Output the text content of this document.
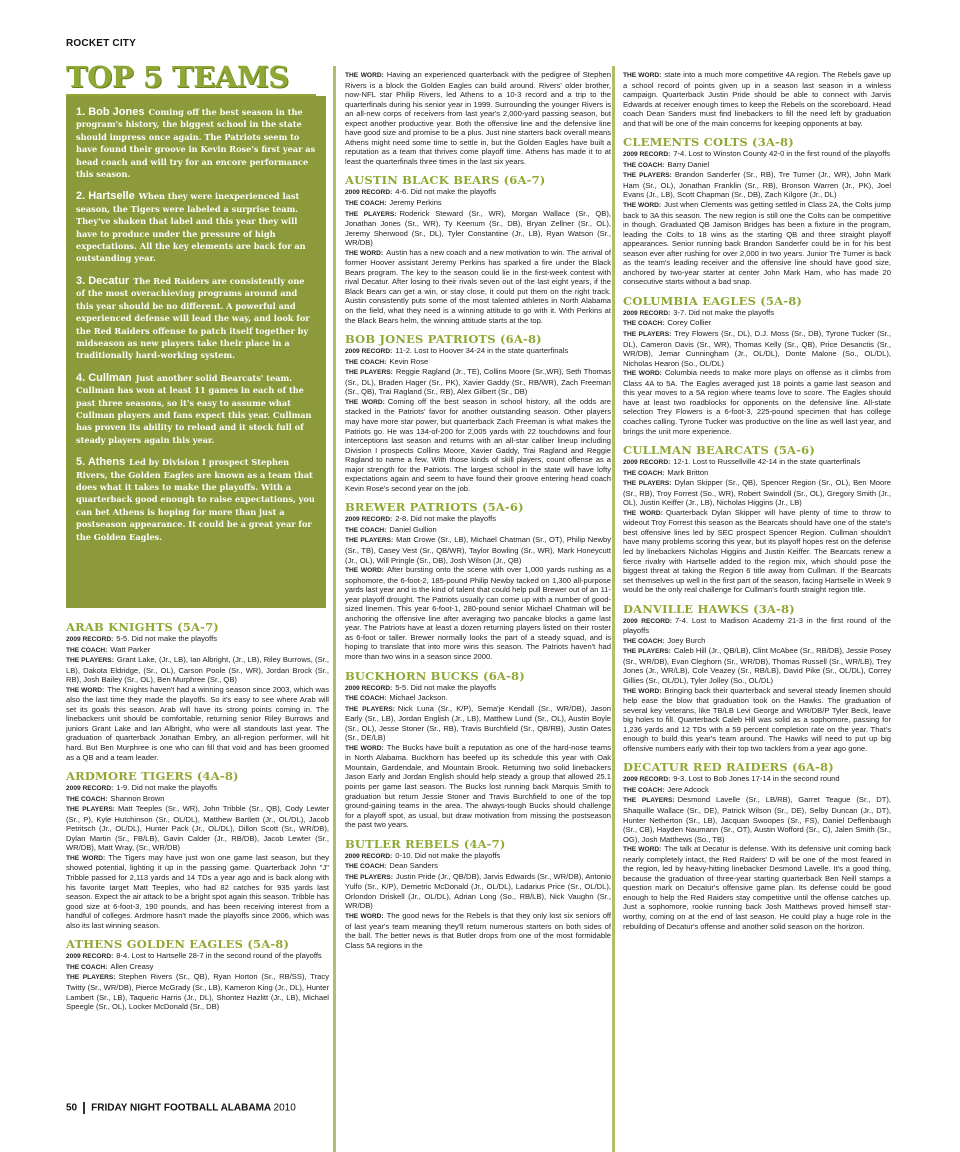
ROCKET CITY
TOP 5 TEAMS

1. Bob Jones Coming off the best season in the program's history, the biggest school in the state should impress once again. The Patriots seem to have found their groove in Kevin Rose's first year as head coach and will try for an encore performance this season.

2. Hartselle When they were inexperienced last season, the Tigers were labeled a surprise team. They've shaken that label and this year they will have to produce under the pressure of high expectations. All the key elements are back for an outstanding year.

3. Decatur The Red Raiders are consistently one of the most overachieving programs around and this year should be no different. A powerful and experienced defense will lead the way, and look for the Red Raiders offense to patch itself together by midseason as new players take their place in a traditionally hard-working system.

4. Cullman Just another solid Bearcats' team. Cullman has won at least 11 games in each of the past three seasons, so it's easy to assume what Cullman players and fans expect this year. Cullman has proven its ability to reload and it stock full of steady players again this year.

5. Athens Led by Division I prospect Stephen Rivers, the Golden Eagles are known as a team that does what it takes to make the playoffs. With a quarterback good enough to raise expectations, you can bet Athens is hoping for more than just a postseason appearance. It could be a great year for the Golden Eagles.

ARAB KNIGHTS (5A-7)

2009 RECORD: 5-5. Did not make the playoffs

THE COACH: Watt Parker

THE PLAYERS: Grant Lake, (Jr., LB), Ian Albright, (Jr., LB), Riley Burrows, (Sr., LB), Dakota Eldridge, (Sr., OL), Carson Poole (Sr., WR), Jordan Brock (Sr., RB), Josh Bailey (Sr., OL), Ben Murphree (Sr., QB)

THE WORD: The Knights haven't had a winning season since 2003, which was also the last time they made the playoffs. So it's easy to see where Arab will set its goals this season. Arab will have its strong points coming in. The linebackers unit should be comfortable, returning senior Riley Burrows and juniors Grant Lake and Ian Albright, who were all standouts last year. The graduation of quarterback Jonathan Embry, an all-region performer, will hit hard. But Ben Murphree is one who can fill that void and has been groomed as a QB and a team leader.

ARDMORE TIGERS (4A-8)

2009 RECORD: 1-9. Did not make the playoffs

THE COACH: Shannon Brown

THE PLAYERS: Matt Teeples (Sr., WR), John Tribble (Sr., QB), Cody Lewter (Sr., P), Kyle Hutchinson (Sr., OL/DL), Matthew Bartlett (Jr., OL/DL), Jacob Petritsch (Jr., OL/DL), Hunter Pack (Jr., OL/DL), Dillon Scott (Sr., WR/DB), Dylan Martin (Sr., FB/LB), Gavin Calder (Jr., RB/DB), Jacob Lewter (Sr., WR/DB), Matt Wray, (Sr., WR/DB)

THE WORD: The Tigers may have just won one game last season, but they showed potential, lighting it up in the passing game. Quarterback John "J" Tribble passed for 2,113 yards and 14 TDs a year ago and is back along with his favorite target Matt Teeples, who had 82 catches for 935 yards last season. Expect the air attack to be a bright spot again this season. Tribble has good size at 6-foot-3, 190 pounds, and has been receiving interest from a handful of colleges. Ardmore hasn't made the playoffs since 2006, which was also its last winning season.

ATHENS GOLDEN EAGLES (5A-8)

2009 RECORD: 8-4. Lost to Hartselle 28-7 in the second round of the playoffs

THE COACH: Allen Creasy

THE PLAYERS: Stephen Rivers (Sr., QB), Ryan Horton (Sr., RB/SS), Tracy Twitty (Sr., WR/DB), Pierce McGrady (Sr., LB), Kameron King (Jr., DL), Hunter Lambert (Sr., LB), Taqueric Harris (Jr., DL), Shontez Hazlitt (Jr., LB), Michael Speegle (Sr., OL), Locker McDonald (Sr., DB)

THE WORD: Having an experienced quarterback with the pedigree of Stephen Rivers is a block the Golden Eagles can build around. Rivers' older brother, now-NFL star Philip Rivers, led Athens to a 10-3 record and a trip to the quarterfinals during his senior year in 1999. Surrounding the younger Rivers is an all-new corps of receivers from last year's 2,000-yard passing season, but expect another productive year. Both the offensive line and the defensive line have good size and promise to be a plus. Just nine starters back overall means Athens might need some time to settle in, but the Golden Eagles have built a reputation as a team that thrives come playoff time. Athens has made it to at least the quarterfinals three times in the last six years.

AUSTIN BLACK BEARS (6A-7)

2009 RECORD: 4-6. Did not make the playoffs

THE COACH: Jeremy Perkins

THE PLAYERS: Roderick Steward (Sr., WR), Morgan Wallace (Sr., QB), Jonathan Jones (Sr., WR), Ty Keenum (Sr., DB), Bryan Zellner (Sr., OL), Jeremy Sherwood (Sr., DL), Tyler Constantine (Jr., LB), Ryan Watson (Sr., WR/DB)

THE WORD: Austin has a new coach and a new motivation to win. The arrival of former Hoover assistant Jeremy Perkins has sparked a fire under the Black Bears program. The key to the season could lie in the first-week contest with rival Decatur. After losing to their rivals seven out of the last eight years, if the Black Bears can get a win, or stay close, it could put them on the right track. Austin consistently puts some of the most talented athletes in North Alabama on the field, what they need is a winning attitude to go with it. With Perkins at the Black Bears helm, the winning attitude starts at the top.

BOB JONES PATRIOTS (6A-8)

2009 RECORD: 11-2. Lost to Hoover 34-24 in the state quarterfinals

THE COACH: Kevin Rose

THE PLAYERS: Reggie Ragland (Jr., TE), Collins Moore (Sr.,WR), Seth Thomas (Sr., DL), Braden Hager (Sr., PK), Xavier Gaddy (Sr., RB/WR), Zach Freeman (Sr., QB), Trai Ragland (Sr., RB), Alex Gilbert (Sr., DB)

THE WORD: Coming off the best season in school history, all the odds are stacked in the Patriots' favor for another outstanding season. Other players may have more star power, but quarterback Zach Freeman is what makes the Patriots go. He was 134-of-200 for 2,005 yards with 22 touchdowns and four interceptions last season and returns with an all-star caliber lineup including Division I prospects Collins Moore, Xavier Gaddy, Trai Ragland and Reggie Ragland to name a few. With those kinds of skill players, count offense as a major strength for the Patriots. The largest school in the state will have lofty expectations again and seem to have found their groove entering head coach Kevin Rose's second year on the job.

BREWER PATRIOTS (5A-6)

2009 RECORD: 2-8. Did not make the playoffs

THE COACH: Daniel Gullion

THE PLAYERS: Matt Crowe (Sr., LB), Michael Chatman (Sr., OT), Philip Newby (Sr., TB), Casey Vest (Sr., QB/WR), Taylor Bowling (Sr., WR), Mark Honeycutt (Jr., OL), Will Pringle (Sr., DB), Josh Wilson (Jr., QB)

THE WORD: After bursting onto the scene with over 1,000 yards rushing as a sophomore, the 6-foot-2, 185-pound Philip Newby tacked on 1,300 all-purpose yards last year and is the kind of talent that could help pull Brewer out of an 11-year playoff drought. The Patriots usually can come up with a number of good-sized linemen. This year 6-foot-1, 280-pound senior Michael Chatman will be anchoring the offensive line after averaging two pancake blocks a game last year. The Patriots have at least a dozen returning players listed on their roster as 6-foot or taller. Brewer normally looks the part of a steady squad, and is hoping to translate that into more wins this season. The Patriots haven't had more than two wins in a season since 2000.

BUCKHORN BUCKS (6A-8)

2009 RECORD: 5-5. Did not make the playoffs

THE COACH: Michael Jackson.

THE PLAYERS: Nick Luna (Sr., K/P), Sema'je Kendall (Sr., WR/DB), Jason Early (Sr., LB), Jordan English (Jr., LB), Matthew Lund (Sr., OL), Austin Boyle (Sr., OL), Jesse Stoner (Sr., RB), Travis Burchfield (Sr., QB/RB), Justin Oates (Sr., DE/LB)

THE WORD: The Bucks have built a reputation as one of the hard-nose teams in North Alabama. Buckhorn has beefed up its schedule this year with Oak Mountain, Gardendale, and Mountain Brook. Returning two solid linebackers Jason Early and Jordan English should help steady a group that allowed 25.1 points per game last season. The Bucks lost running back Marquis Smith to graduation but return Jessie Stoner and Travis Burchfield to one of the top ground-gaining teams in the area. The always-tough Bucks should challenge for a playoff spot, as usual, but draw motivation from missing the postseason the past two years.

BUTLER REBELS (4A-7)

2009 RECORD: 0-10. Did not make the playoffs

THE COACH: Dean Sanders

THE PLAYERS: Justin Pride (Jr., QB/DB), Jarvis Edwards (Sr., WR/DB), Antonio Yulfo (Sr., K/P), Demetric McDonald (Jr., OL/DL), Ladarius Price (Sr., OL/DL), Orlondon Driskell (Jr., OL/DL), Adrian Long (So., RB/LB), Nick Vaughn (Sr., WR/DB)

THE WORD: The good news for the Rebels is that they only lost six seniors off of last year's team meaning they'll return numerous starters on both sides of the ball. The better news is that Butler drops from one of the most formidable Class 5A regions in the

THE WORD: state into a much more competitive 4A region. The Rebels gave up a school record of points given up in a season last season in a winless campaign. Quarterback Justin Pride should be able to connect with Jarvis Edwards at receiver enough times to keep the Rebels on the scoreboard. Head coach Dean Sanders must find linebackers to fill the need left by graduation and that will be one of the main concerns for keeping opponents at bay.

CLEMENTS COLTS (3A-8)

2009 RECORD: 7-4. Lost to Winston County 42-0 in the first round of the playoffs

THE COACH: Barry Daniel

THE PLAYERS: Brandon Sanderfer (Sr., RB), Tre Turner (Jr., WR), John Mark Ham (Sr., OL), Jonathan Franklin (Sr., RB), Bronson Warren (Jr., PK), Joel Evans (Jr., LB), Scott Chapman (Sr., DB), Zach Kilgore (Jr., DL)

THE WORD: Just when Clements was getting settled in Class 2A, the Colts jump back to 3A this season. The new region is still one the Colts can be competitive in though. Graduated QB Jamison Bridges has been a fixture in the program, leading the Colts to 18 wins as the starting QB and three straight playoff appearances. Senior running back Brandon Sanderfer could be in for his best season ever after rushing for over 2,000 in two years. Junior Tre Turner is back as the team's leading receiver and the offensive line should have good size, anchored by two-year starter at center John Mark Ham, who has made 20 consecutive starts without a bad snap.

COLUMBIA EAGLES (5A-8)

2009 RECORD: 3-7. Did not make the playoffs

THE COACH: Corey Collier

THE PLAYERS: Trey Flowers (Sr., DL), D.J. Moss (Sr., DB), Tyrone Tucker (Sr., DL), Cameron Davis (Sr., WR), Thomas Kelly (Sr., QB), Price Desanctis (Sr., WR/DB), Jemar Cunningham (Jr., OL/DL), Donte Malone (So., OL/DL), Nicholas Hearon (So., OL/DL)

THE WORD: Columbia needs to make more plays on offense as it climbs from Class 4A to 5A. The Eagles averaged just 18 points a game last season and this year moves to a 5A region where teams love to score. The Eagles should have at least two roadblocks for opponents on the defensive line. All-state selection Trey Flowers is a 6-foot-3, 225-pound specimen that has college coaches calling. Tyrone Tucker was productive on the line as well last year, and brings the unit more experience.

CULLMAN BEARCATS (5A-6)

2009 RECORD: 12-1. Lost to Russellville 42-14 in the state quarterfinals

THE COACH: Mark Britton

THE PLAYERS: Dylan Skipper (Sr., QB), Spencer Region (Sr., OL), Ben Moore (Sr., RB), Troy Forrest (So., WR), Robert Swindoll (Sr., OL), Gregory Smith (Jr., OL), Justin Keiffer (Jr., LB), Nicholas Higgins (Jr., LB)

THE WORD: Quarterback Dylan Skipper will have plenty of time to throw to wideout Troy Forrest this season as the Bearcats should have one of the state's best offensive lines led by SEC prospect Spencer Region. Cullman shouldn't have many problems scoring this year, but its playoff hopes rest on the defense led by linebackers Nicholas Higgins and Justin Keiffer. The Bearcats renew a fierce rivalry with Hartselle added to the region mix, which should pose the biggest threat at taking the Region 6 title away from Cullman. If the Bearcats set themselves up well in the first part of the season, facing Hartselle in Week 9 would be the only real challenge for Cullman's fourth straight region title.

DANVILLE HAWKS (3A-8)

2009 RECORD: 7-4. Lost to Madison Academy 21-3 in the first round of the playoffs

THE COACH: Joey Burch

THE PLAYERS: Caleb Hill (Jr., QB/LB), Clint McAbee (Sr., RB/DB), Jessie Posey (Sr., WR/DB), Evan Cleghorn (Sr., WR/DB), Thomas Russell (Sr., WR/LB), Trey Jones (Jr., WR/LB), Cole Veazey (Sr., RB/LB), David Pike (Sr., OL/DL), Correy Gillies (Sr., OL/DL), Tyler Jolley (So., OL/DL)

THE WORD: Bringing back their quarterback and several steady linemen should help ease the blow that graduation took on the Hawks. The graduation of several key veterans, like TB/LB Levi George and WR/DB/P Tyler Beck, leave big holes to fill. Quarterback Caleb Hill was solid as a sophomore, passing for 1,236 yards and 12 TDs with a 59 percent completion rate on the year. That's enough to build this year's team around. The Hawks will need to put up big offensive numbers early with their top two tacklers from a year ago gone.

DECATUR RED RAIDERS (6A-8)

2009 RECORD: 9-3. Lost to Bob Jones 17-14 in the second round

THE COACH: Jere Adcock

THE PLAYERS: Desmond Lavelle (Sr., LB/RB), Garret Teague (Sr., DT), Shaquille Wallace (Sr., DE), Patrick Wilson (Sr., DE), Selby Duncan (Jr., DT), Hunter Netherton (Sr., LB), Jacquan Swoopes (Sr., FS), Daniel Deffenbaugh (Sr., CB), Hayden Naumann (Sr., OT), Austin Wofford (Sr., C), Jalen Smith (Sr., OG), Josh Matthews (So., TB)

THE WORD: The talk at Decatur is defense. With its defensive unit coming back nearly completely intact, the Red Raiders' D will be one of the most feared in the region, led by heavy-hitting linebacker Desmond Lavelle. It's a good thing, because the graduation of three-year starting quarterback Ben Neill stamps a question mark on Decatur's offensive game plan. Its defense could be good enough to help the Red Raiders stay competitive until the offense catches up. Just a sophomore, rookie running back Josh Matthews proved himself star-worthy, coming on at the end of last season. He could play a huge role in the rebuilding of Decatur's offense and another solid season on the horizon.

50 FRIDAY NIGHT FOOTBALL ALABAMA 2010
